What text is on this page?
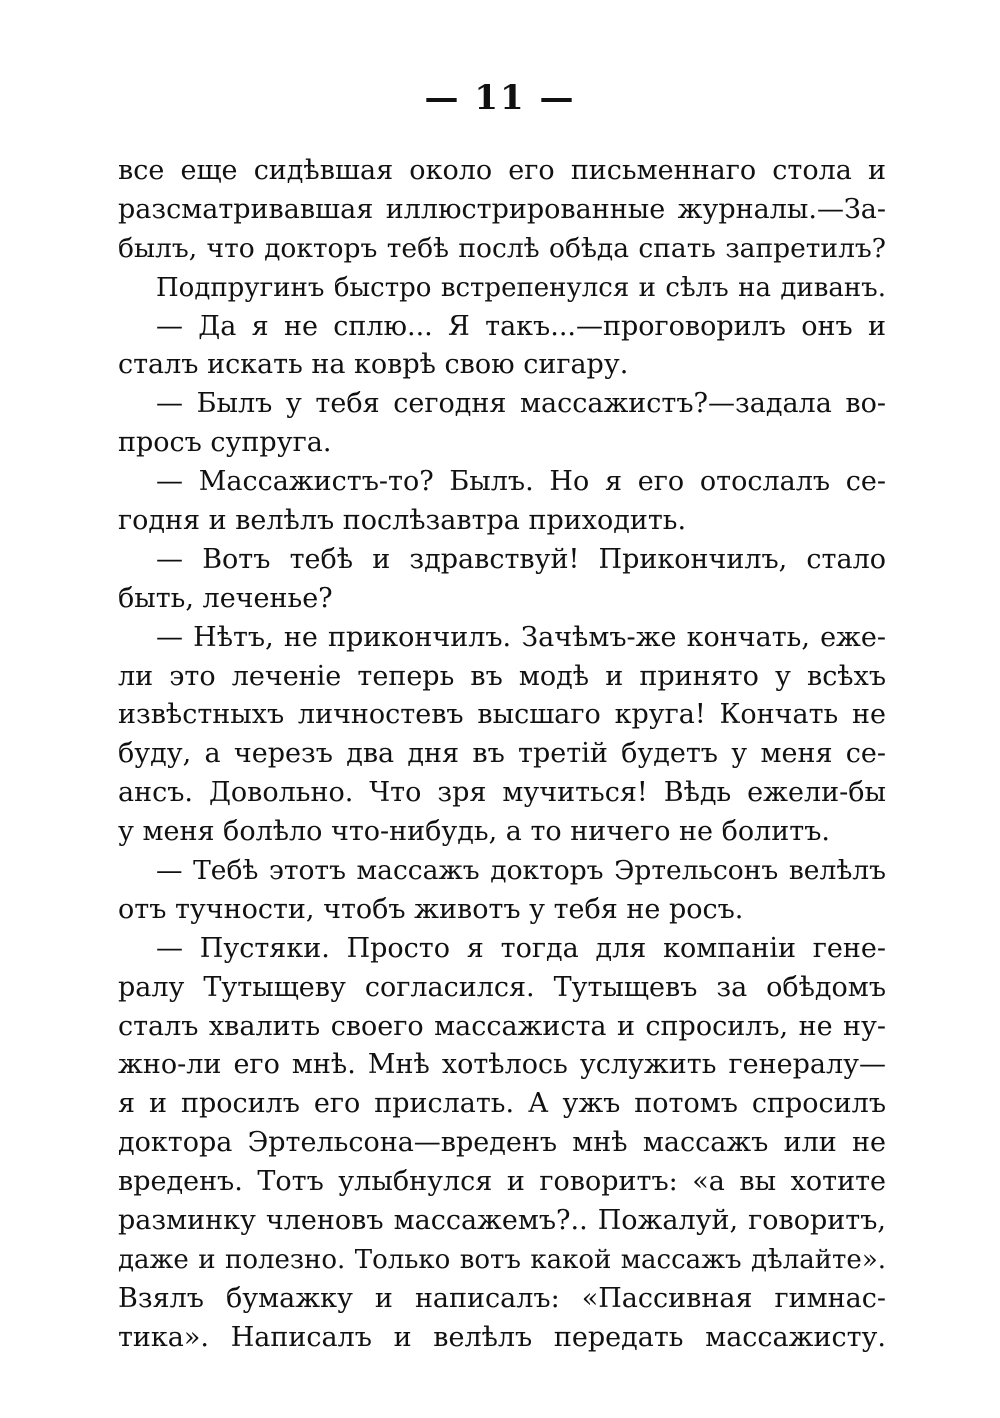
— 11 —
все еще сидѣвшая около его письменнаго стола и
разсматривавшая иллюстрированные журналы.—За-
былъ, что докторъ тебѣ послѣ обѣда спать запретилъ?
Подпругинъ быстро встрепенулся и сѣлъ на диванъ.
— Да я не сплю... Я такъ...—проговорилъ онъ и
сталъ искать на коврѣ свою сигару.
— Былъ у тебя сегодня массажистъ?—задала во-
просъ супруга.
— Массажистъ-то? Былъ. Но я его отослалъ се-
годня и велѣлъ послѣзавтра приходить.
— Вотъ тебѣ и здравствуй! Прикончилъ, стало
быть, леченье?
— Нѣтъ, не прикончилъ. Зачѣмъ-же кончать, еже-
ли это леченіе теперь въ модѣ и принято у всѣхъ
извѣстныхъ личностевъ высшаго круга! Кончать не
буду, а черезъ два дня въ третій будетъ у меня се-
ансъ. Довольно. Что зря мучиться! Вѣдь ежели-бы
у меня болѣло что-нибудь, а то ничего не болитъ.
— Тебѣ этотъ массажъ докторъ Эртельсонъ велѣлъ
отъ тучности, чтобъ животъ у тебя не росъ.
— Пустяки. Просто я тогда для компаніи гене-
ралу Тутыщеву согласился. Тутыщевъ за обѣдомъ
сталъ хвалить своего массажиста и спросилъ, не ну-
жно-ли его мнѣ. Мнѣ хотѣлось услужить генералу—
я и просилъ его прислать. А ужъ потомъ спросилъ
доктора Эртельсона—вреденъ мнѣ массажъ или не
вреденъ. Тотъ улыбнулся и говоритъ: «а вы хотите
разминку членовъ массажемъ?.. Пожалуй, говоритъ,
даже и полезно. Только вотъ какой массажъ дѣлайте».
Взялъ бумажку и написалъ: «Пассивная гимнас-
тика». Написалъ и велѣлъ передать массажисту.
